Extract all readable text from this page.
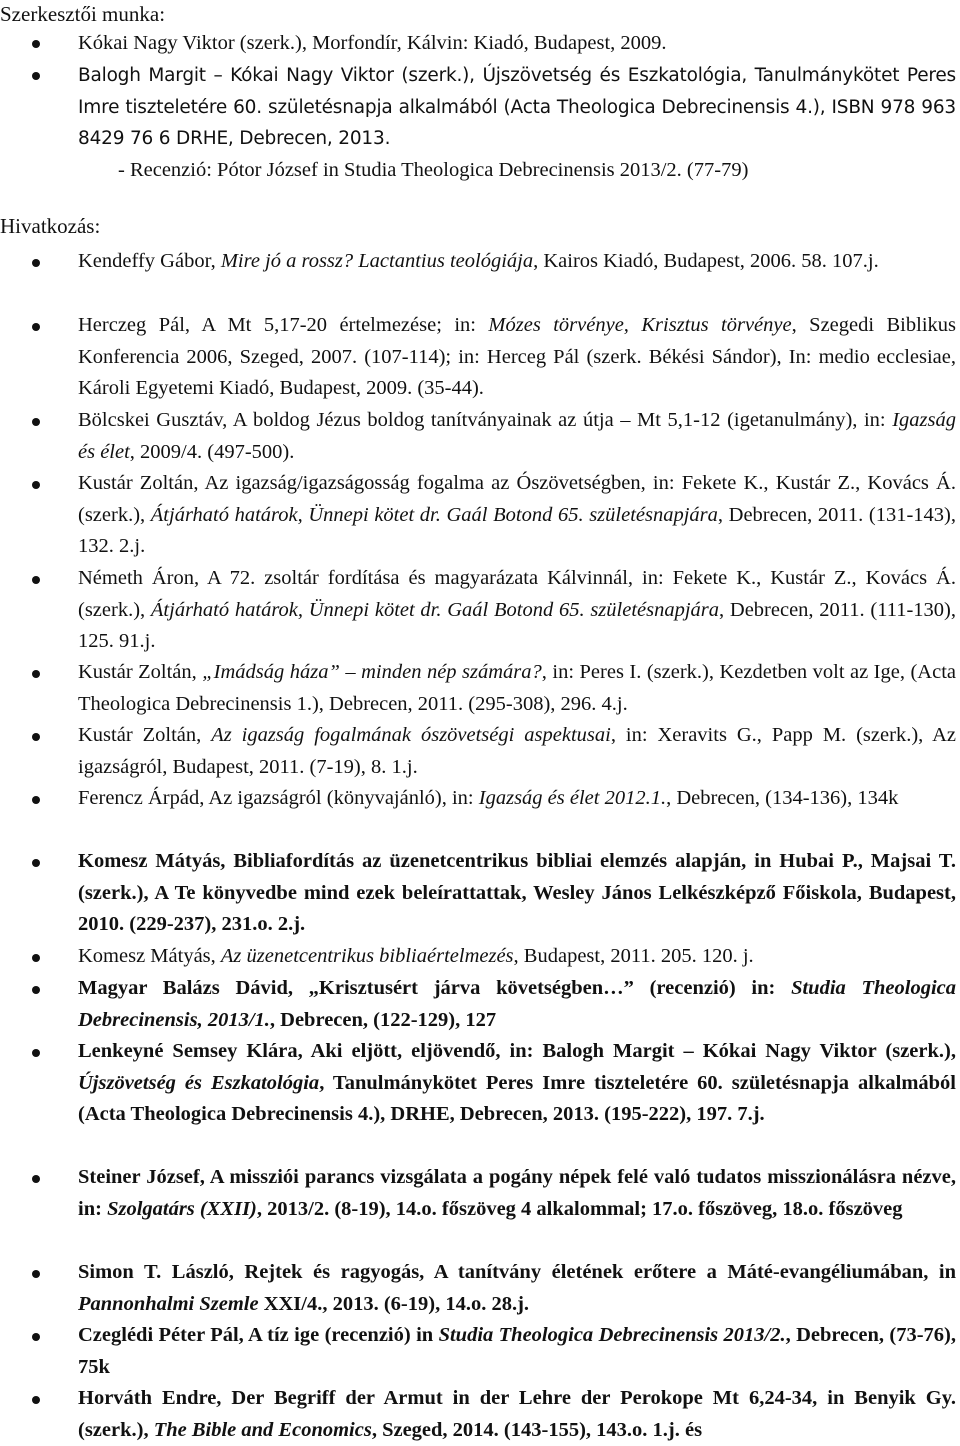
Szerkesztői munka:
Kókai Nagy Viktor (szerk.), Morfondír, Kálvin: Kiadó, Budapest, 2009.
Balogh Margit – Kókai Nagy Viktor (szerk.), Újszövetség és Eszkatológia, Tanulmánykötet Peres Imre tiszteletére 60. születésnapja alkalmából (Acta Theologica Debrecinensis 4.), ISBN 978 963 8429 76 6 DRHE, Debrecen, 2013.
- Recenzió: Pótor József in Studia Theologica Debrecinensis 2013/2. (77-79)
Hivatkozás:
Kendeffy Gábor, Mire jó a rossz? Lactantius teológiája, Kairos Kiadó, Budapest, 2006. 58. 107.j.
Herczeg Pál, A Mt 5,17-20 értelmezése; in: Mózes törvénye, Krisztus törvénye, Szegedi Biblikus Konferencia 2006, Szeged, 2007. (107-114); in: Herceg Pál (szerk. Békési Sándor), In: medio ecclesiae, Károli Egyetemi Kiadó, Budapest, 2009. (35-44).
Bölcskei Gusztáv, A boldog Jézus boldog tanítványainak az útja – Mt 5,1-12 (igetanulmány), in: Igazság és élet, 2009/4. (497-500).
Kustár Zoltán, Az igazság/igazságosság fogalma az Ószövetségben, in: Fekete K., Kustár Z., Kovács Á. (szerk.), Átjárható határok, Ünnepi kötet dr. Gaál Botond 65. születésnapjára, Debrecen, 2011. (131-143), 132. 2.j.
Németh Áron, A 72. zsoltár fordítása és magyarázata Kálvinnál, in: Fekete K., Kustár Z., Kovács Á. (szerk.), Átjárható határok, Ünnepi kötet dr. Gaál Botond 65. születésnapjára, Debrecen, 2011. (111-130), 125. 91.j.
Kustár Zoltán, „Imádság háza” – minden nép számára?, in: Peres I. (szerk.), Kezdetben volt az Ige, (Acta Theologica Debrecinensis 1.), Debrecen, 2011. (295-308), 296. 4.j.
Kustár Zoltán, Az igazság fogalmának ószövetségi aspektusai, in: Xeravits G., Papp M. (szerk.), Az igazságról, Budapest, 2011. (7-19), 8. 1.j.
Ferencz Árpád, Az igazságról (könyvajánló), in: Igazság és élet 2012.1., Debrecen, (134-136), 134k
Komesz Mátyás, Bibliafordítás az üzenetcentrikus bibliai elemzés alapján, in Hubai P., Majsai T. (szerk.), A Te könyvedbe mind ezek beleírattattak, Wesley János Lelkészképző Főiskola, Budapest, 2010. (229-237), 231.o. 2.j.
Komesz Mátyás, Az üzenetcentrikus bibliaértelmezés, Budapest, 2011. 205. 120. j.
Magyar Balázs Dávid, „Krisztusért járva követségben…” (recenzió) in: Studia Theologica Debrecinensis, 2013/1., Debrecen, (122-129), 127
Lenkeyné Semsey Klára, Aki eljött, eljövendő, in: Balogh Margit – Kókai Nagy Viktor (szerk.), Újszövetség és Eszkatológia, Tanulmánykötet Peres Imre tiszteletére 60. születésnapja alkalmából (Acta Theologica Debrecinensis 4.), DRHE, Debrecen, 2013. (195-222), 197. 7.j.
Steiner József, A missziói parancs vizsgálata a pogány népek felé való tudatos misszionálásra nézve, in: Szolgatárs (XXII), 2013/2. (8-19), 14.o. főszöveg 4 alkalommal; 17.o. főszöveg, 18.o. főszöveg
Simon T. László, Rejtek és ragyogás, A tanítvány életének erőtere a Máté-evangéliumában, in Pannonhalmi Szemle XXI/4., 2013. (6-19), 14.o. 28.j.
Czeglédi Péter Pál, A tíz ige (recenzió) in Studia Theologica Debrecinensis 2013/2., Debrecen, (73-76), 75k
Horváth Endre, Der Begriff der Armut in der Lehre der Perokope Mt 6,24-34, in Benyik Gy. (szerk.), The Bible and Economics, Szeged, 2014. (143-155), 143.o. 1.j. és
